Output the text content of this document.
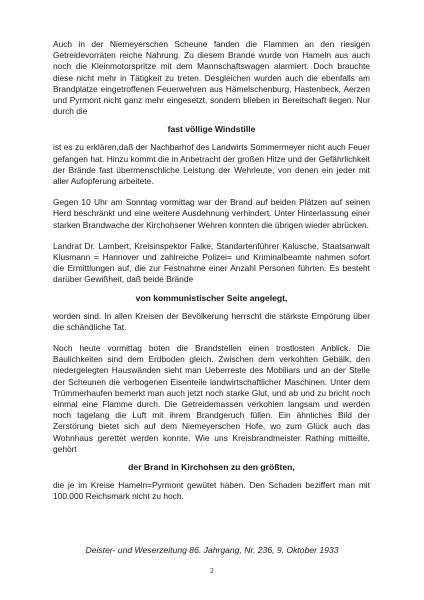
Auch in der Niemeyerschen Scheune fanden die Flammen an den riesigen Getreidevorräten reiche Nahrung. Zu diesem Brande wurde von Hameln aus auch noch die Kleinmotorspritze mit dem Mannschaftswagen alarmiert. Doch brauchte diese nicht mehr in Tätigkeit zu treten. Desgleichen wurden auch die ebenfalls am Brandplatze eingetroffenen Feuerwehren aus Hämelschenburg, Hastenbeck, Aerzen und Pyrmont nicht ganz mehr eingesetzt, sondern blieben in Bereitschaft liegen. Nur durch die

fast völlige Windstille

ist es zu erklären,daß der Nachbarhof des Landwirts Sommermeyer nicht auch Feuer gefangen hat. Hinzu kommt die in Anbetracht der großen Hitze und der Gefährlichkeit der Brände fast übermenschliche Leistung der Wehrleute, von denen ein jeder mit aller Aufopferung arbeitete.

Gegen 10 Uhr am Sonntag vormittag war der Brand auf beiden Plätzen auf seinen Herd beschränkt und eine weitere Ausdehnung verhindert. Unter Hinterlassung einer starken Brandwache der Kirchohsener Wehren konnten die übrigen wieder abrücken.

Landrat Dr. Lambert, Kreisinspektor Falke, Standartenführer Kalusche, Staatsanwalt Klusmann = Hannover und zahlreiche Polizei= und Kriminalbeamte nahmen sofort die Ermittlungen auf, die zur Festnahme einer Anzahl Personen führten. Es besteht darüber Gewißheit, daß beide Brände

von kommunistischer Seite angelegt,

worden sind. In allen Kreisen der Bevölkerung herrscht die stärkste Empörung über die schändliche Tat.

Noch heute vormittag boten die Brandstellen einen trostlosten Anblick. Die Baulichkeiten sind dem Erdboden gleich. Zwischen dem verkohlten Gebälk, den niedergelegten Hauswänden sieht man Ueberreste des Mobiliars und an der Stelle der Scheunen die verbogenen Eisenteile landwirtschaftlicher Maschinen. Unter dem Trümmerhaufen bemerkt man auch jetzt noch starke Glut, und ab und zu bricht noch einmal eine Flamme durch. Die Getreidemassen verkohlen langsam und werden noch tagelang die Luft mit ihrem Brandgeruch füllen. Ein ähnliches Bild der Zerstörung bietet sich auf dem Niemeyerschen Hofe, wo zum Glück auch das Wohnhaus gerettet werden konnte. Wie uns Kreisbrandmeister Rathing mitteilte, gehört

der Brand in Kirchohsen zu den größten,

die je im Kreise Hameln=Pyrmont gewütet haben. Den Schaden beziffert man mit 100.000 Reichsmark nicht zu hoch.

Deister- und Weserzeitung 86. Jahrgang, Nr. 236, 9. Oktober 1933
2
